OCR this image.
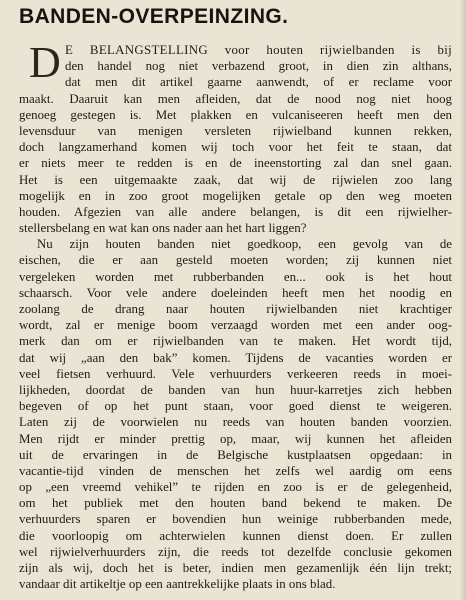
BANDEN-OVERPEINZING.
D E BELANGSTELLING voor houten rijwielbanden is bij
den handel nog niet verbazend groot, in dien zin althans,
dat men dit artikel gaarne aanwendt, of er reclame voor
maakt. Daaruit kan men afleiden, dat de nood nog niet hoog
genoeg gestegen is. Met plakken en vulcaniseeren heeft men den
levensduur van menigen versleten rijwielband kunnen rekken,
doch langzamerhand komen wij toch voor het feit te staan, dat
er niets meer te redden is en de ineenstorting zal dan snel gaan.
Het is een uitgemaakte zaak, dat wij de rijwielen zoo lang
mogelijk en in zoo groot mogelijken getale op den weg moeten
houden. Afgezien van alle andere belangen, is dit een rijwielher-
stellersbelang en wat kan ons nader aan het hart liggen?
Nu zijn houten banden niet goedkoop, een gevolg van de
eischen, die er aan gesteld moeten worden; zij kunnen niet
vergeleken worden met rubberbanden en... ook is het hout
schaarsch. Voor vele andere doeleinden heeft men het noodig en
zoolang de drang naar houten rijwielbanden niet krachtiger
wordt, zal er menige boom verzaagd worden met een ander oog-
merk dan om er rijwielbanden van te maken. Het wordt tijd,
dat wij „aan den bak” komen. Tijdens de vacanties worden er
veel fietsen verhuurd. Vele verhuurders verkeeren reeds in moei-
lijkheden, doordat de banden van hun huur-karretjes zich hebben
begeven of op het punt staan, voor goed dienst te weigeren.
Laten zij de voorwielen nu reeds van houten banden voorzien.
Men rijdt er minder prettig op, maar, wij kunnen het afleiden
uit de ervaringen in de Belgische kustplaatsen opgedaan: in
vacantie-tijd vinden de menschen het zelfs wel aardig om eens
op „een vreemd vehikel” te rijden en zoo is er de gelegenheid,
om het publiek met den houten band bekend te maken. De
verhuurders sparen er bovendien hun weinige rubberbanden mede,
die voorloopig om achterwielen kunnen dienst doen. Er zullen
wel rijwielverhuurders zijn, die reeds tot dezelfde conclusie gekomen
zijn als wij, doch het is beter, indien men gezamenlijk één lijn trekt;
vandaar dit artikeltje op een aantrekkelijke plaats in ons blad.
